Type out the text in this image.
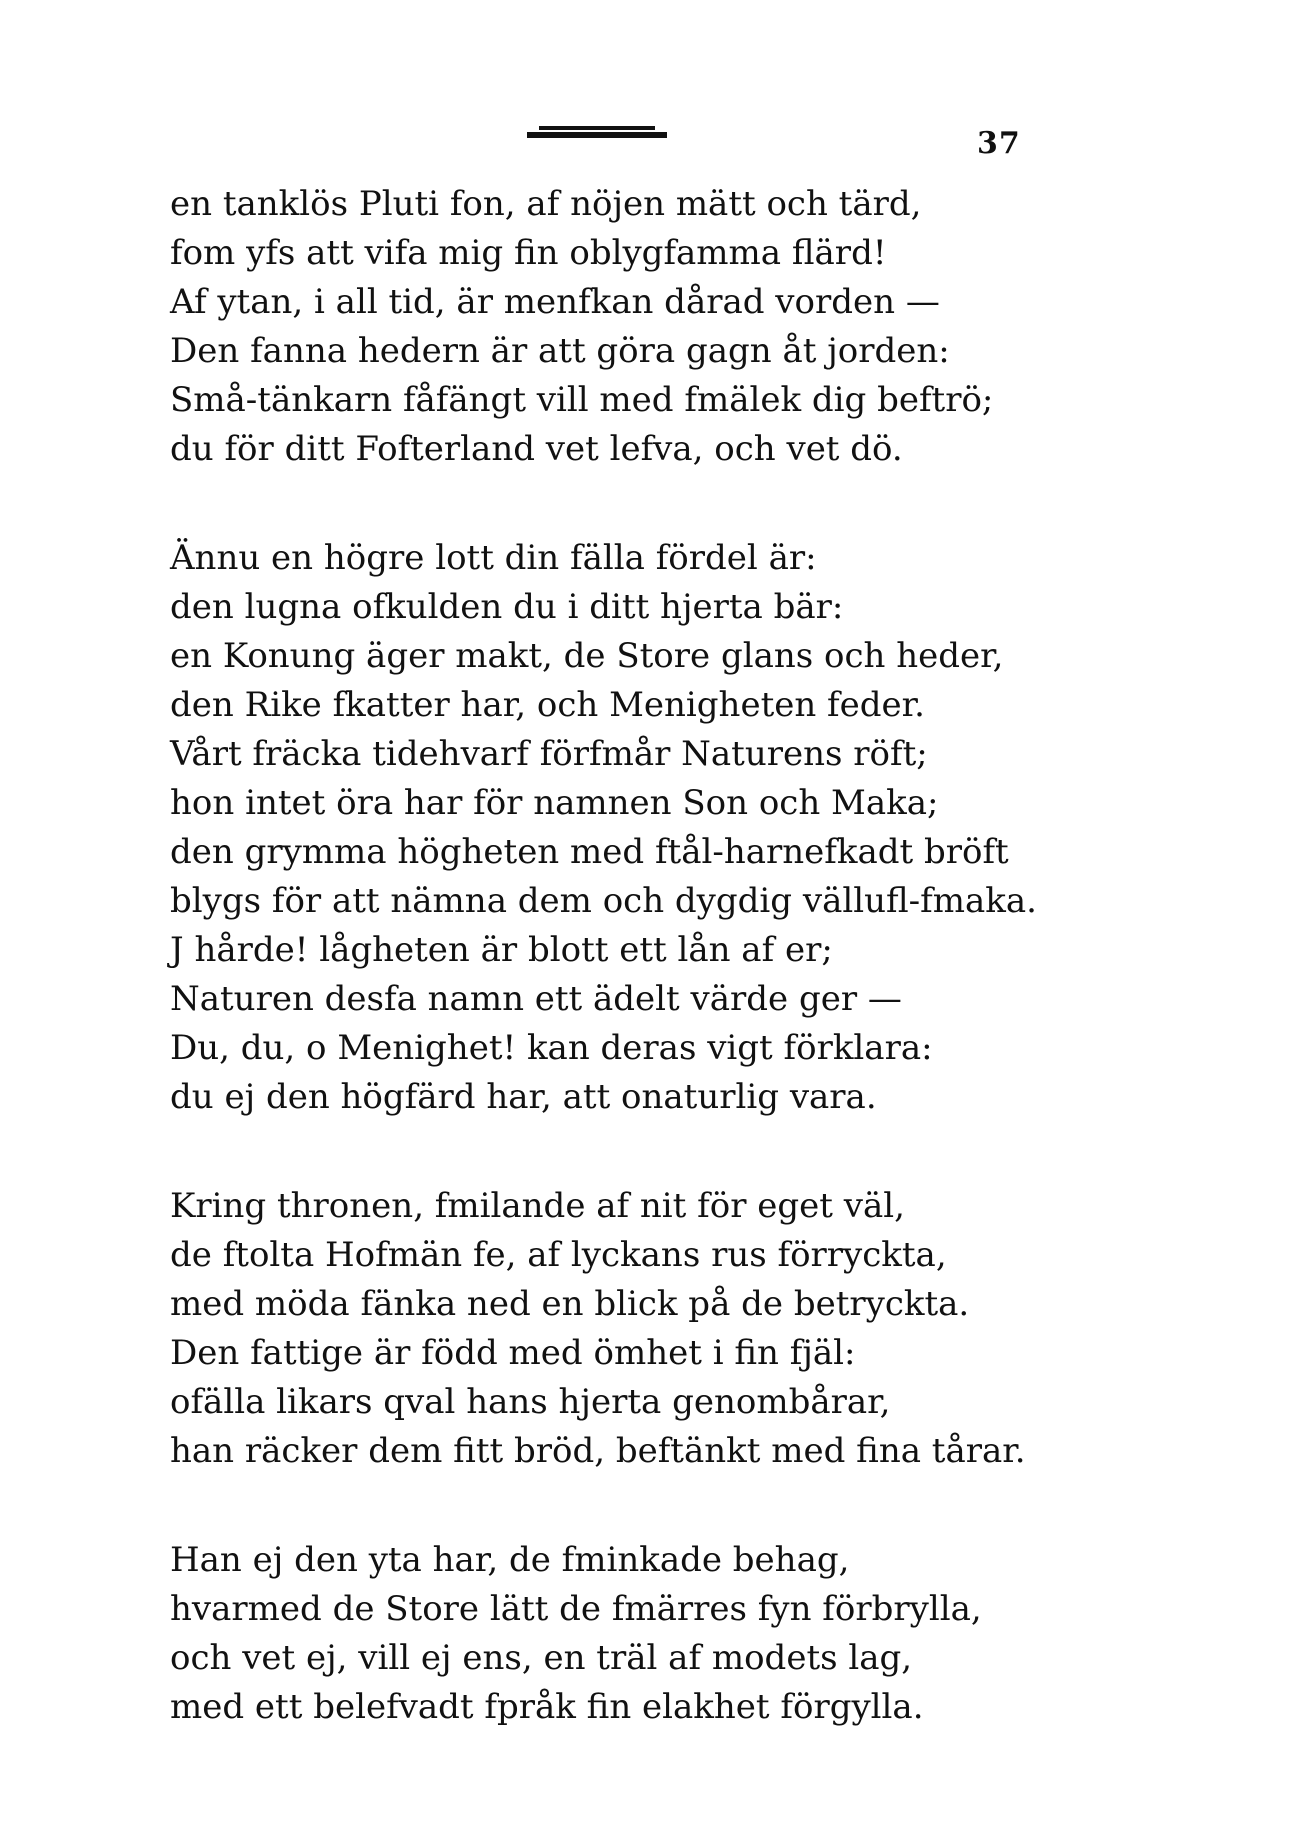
37
en tanklös Pluti fon, af nöjen mätt och tärd,
fom yfs att vifa mig fin oblygfamma flärd!
Af ytan, i all tid, är menfkan dårad vorden —
Den fanna hedern är att göra gagn åt jorden:
Små-tänkarn fåfängt vill med fmälek dig beftrö;
du för ditt Fofterland vet lefva, och vet dö.
Ännu en högre lott din fälla fördel är:
den lugna ofkulden du i ditt hjerta bär:
en Konung äger makt, de Store glans och heder,
den Rike fkatter har, och Menigheten feder.
Vårt fräcka tidehvarf förfmår Naturens röft;
hon intet öra har för namnen Son och Maka;
den grymma högheten med ftål-harnefkadt bröft
blygs för att nämna dem och dygdig vällufl-fmaka.
J hårde! lågheten är blott ett lån af er;
Naturen desfa namn ett ädelt värde ger —
Du, du, o Menighet! kan deras vigt förklara:
du ej den högfärd har, att onaturlig vara.
Kring thronen, fmilande af nit för eget väl,
de ftolta Hofmän fe, af lyckans rus förryckta,
med möda fänka ned en blick på de betryckta.
Den fattige är född med ömhet i fin fjäl:
ofälla likars qval hans hjerta genombårar,
han räcker dem fitt bröd, beftänkt med fina tårar.
Han ej den yta har, de fminkade behag,
hvarmed de Store lätt de fmärres fyn förbrylla,
och vet ej, vill ej ens, en träl af modets lag,
med ett belefvadt fpråk fin elakhet förgylla.
